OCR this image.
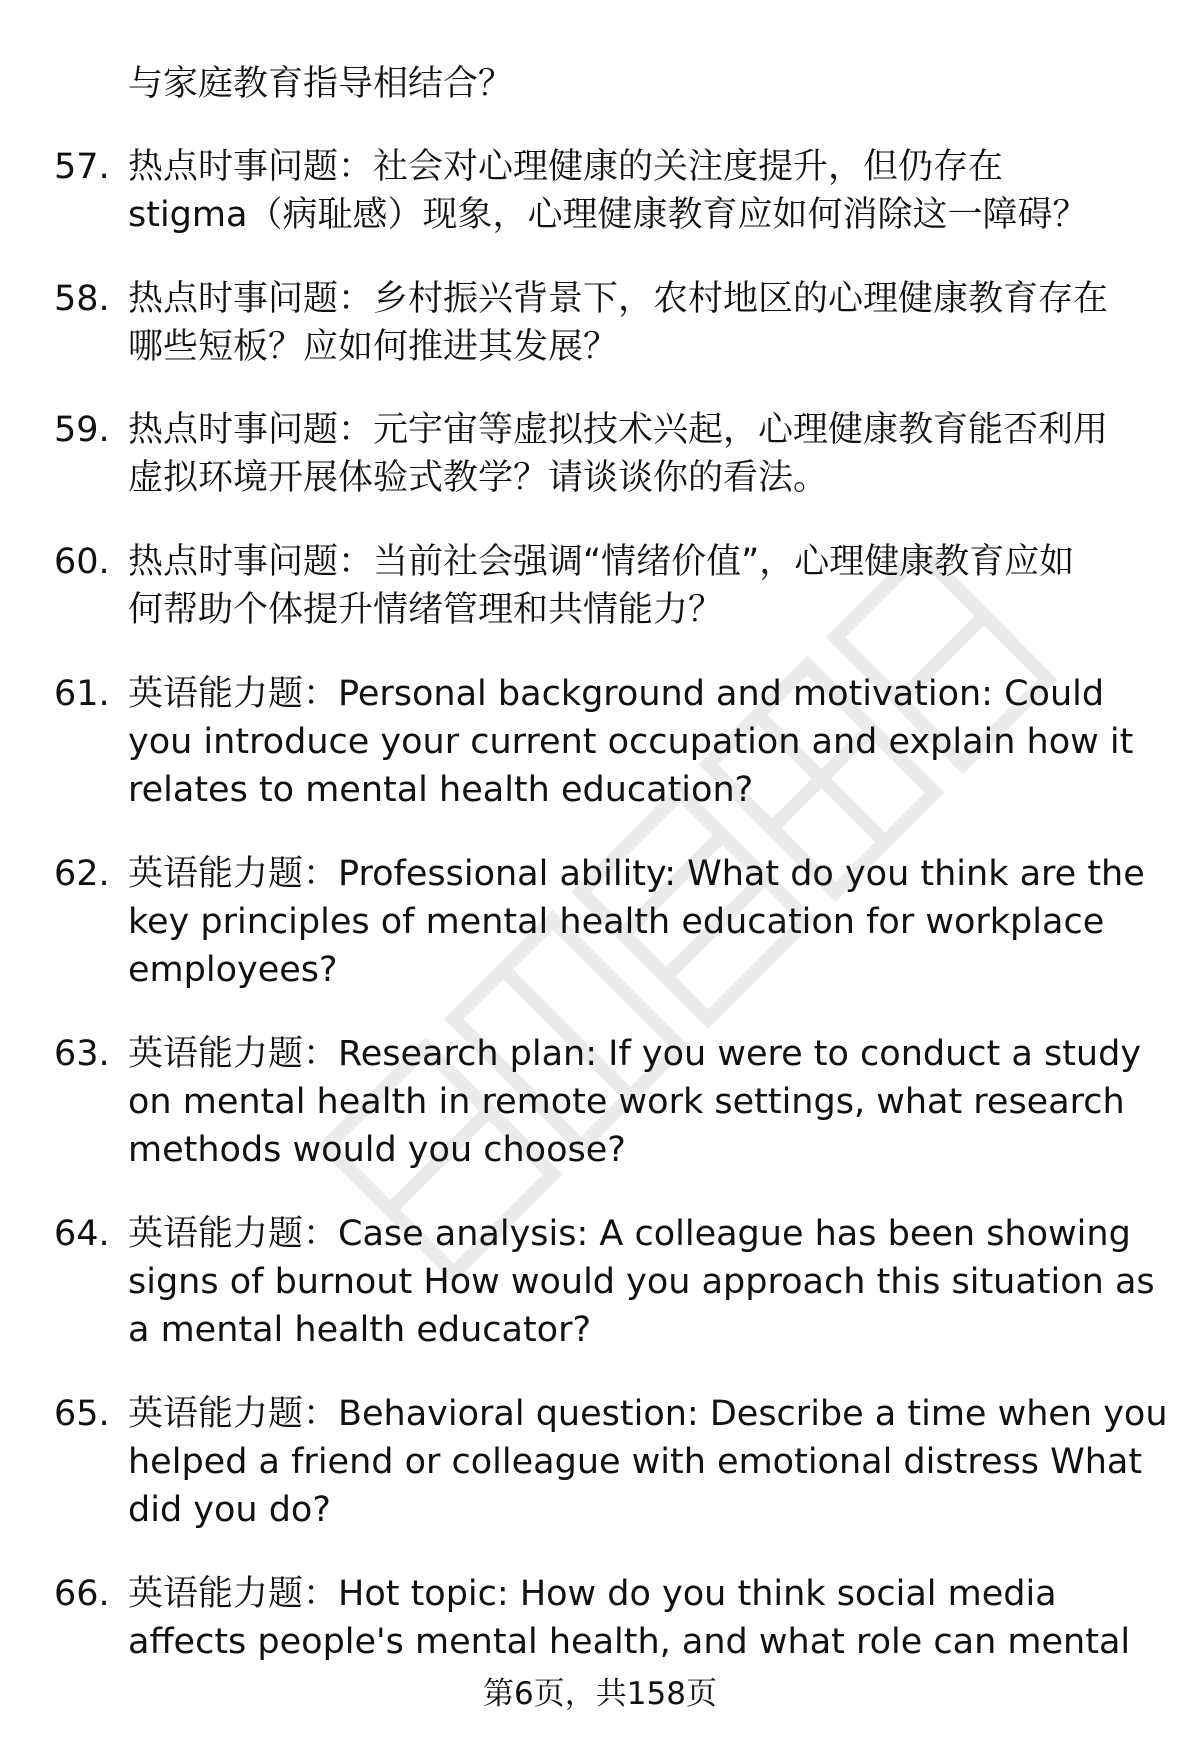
与家庭教育指导相结合？
57. 热点时事问题：社会对心理健康的关注度提升，但仍存在
stigma（病耻感）现象，心理健康教育应如何消除这一障碍？
58. 热点时事问题：乡村振兴背景下，农村地区的心理健康教育存在
哪些短板？应如何推进其发展？
59. 热点时事问题：元宇宙等虚拟技术兴起，心理健康教育能否利用
虚拟环境开展体验式教学？请谈谈你的看法。
60. 热点时事问题：当前社会强调“情绪价值”，心理健康教育应如
何帮助个体提升情绪管理和共情能力？
61. 英语能力题：Personal background and motivation: Could
you introduce your current occupation and explain how it
relates to mental health education?
62. 英语能力题：Professional ability: What do you think are the
key principles of mental health education for workplace
employees?
63. 英语能力题：Research plan: If you were to conduct a study
on mental health in remote work settings, what research
methods would you choose?
64. 英语能力题：Case analysis: A colleague has been showing
signs of burnout How would you approach this situation as
a mental health educator?
65. 英语能力题：Behavioral question: Describe a time when you
helped a friend or colleague with emotional distress What
did you do?
66. 英语能力题：Hot topic: How do you think social media
affects people's mental health, and what role can mental
第6页，共158页
